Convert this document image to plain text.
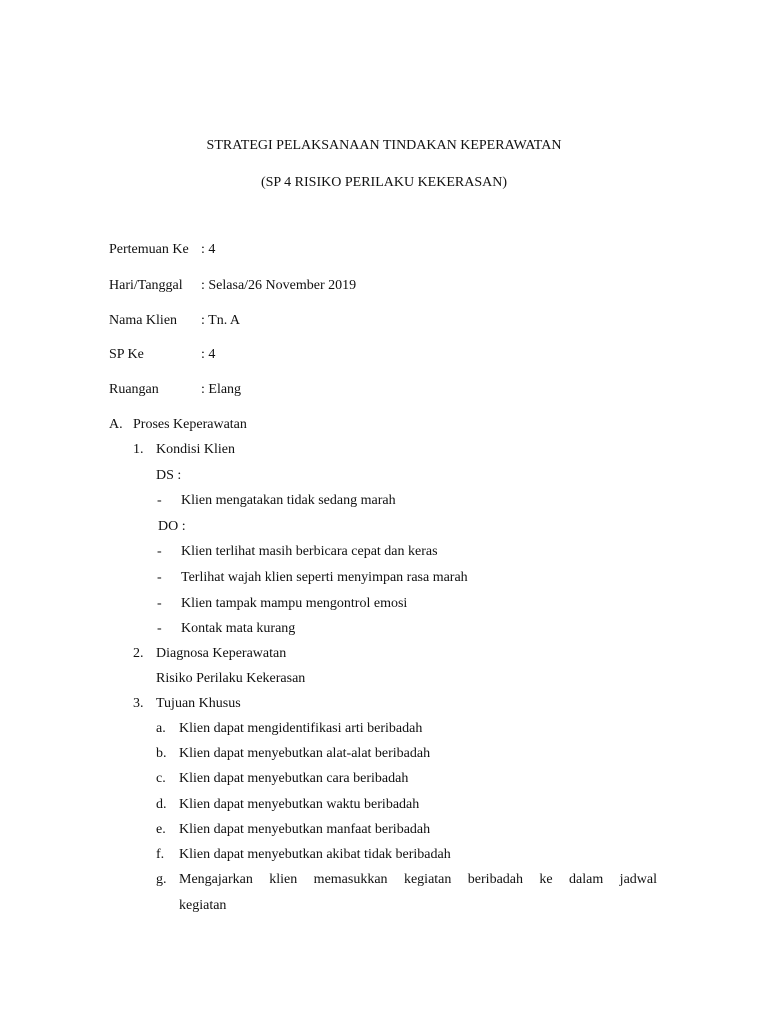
STRATEGI PELAKSANAAN TINDAKAN KEPERAWATAN
(SP 4 RISIKO PERILAKU KEKERASAN)
Pertemuan Ke : 4
Hari/Tanggal : Selasa/26 November 2019
Nama Klien : Tn. A
SP Ke	: 4
Ruangan	: Elang
A. Proses Keperawatan
1. Kondisi Klien
DS :
- Klien mengatakan tidak sedang marah
DO :
- Klien terlihat masih berbicara cepat dan keras
- Terlihat wajah klien seperti menyimpan rasa marah
- Klien tampak mampu mengontrol emosi
- Kontak mata kurang
2. Diagnosa Keperawatan
Risiko Perilaku Kekerasan
3. Tujuan Khusus
a. Klien dapat mengidentifikasi arti beribadah
b. Klien dapat menyebutkan alat-alat beribadah
c. Klien dapat menyebutkan cara beribadah
d. Klien dapat menyebutkan waktu beribadah
e. Klien dapat menyebutkan manfaat beribadah
f. Klien dapat menyebutkan akibat tidak beribadah
g. Mengajarkan klien memasukkan kegiatan beribadah ke dalam jadwal
kegiatan
